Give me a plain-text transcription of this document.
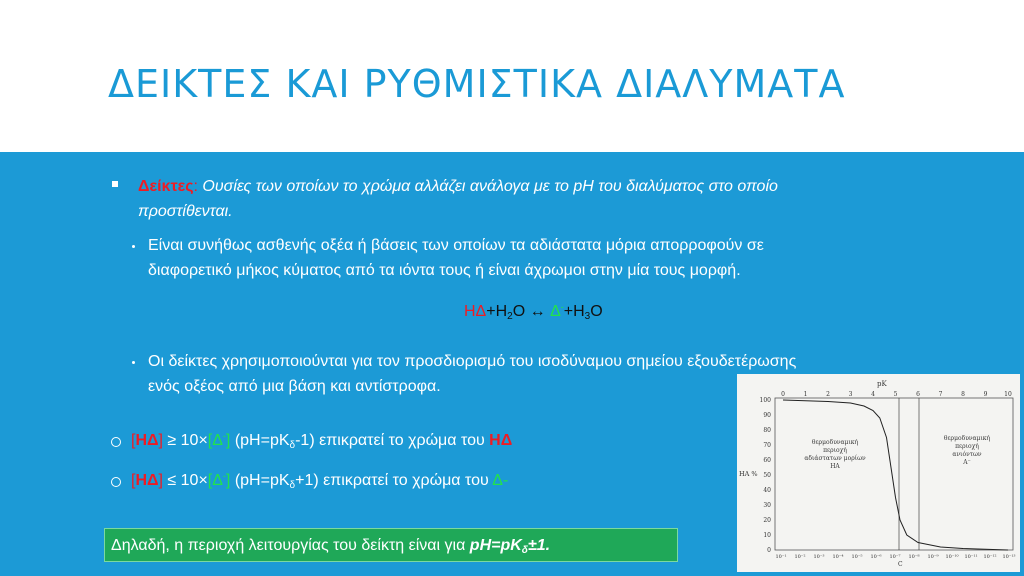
ΔΕΙΚΤΕΣ ΚΑΙ ΡΥΘΜΙΣΤΙΚΑ ΔΙΑΛΥΜΑΤΑ
Δείκτες: Ουσίες των οποίων το χρώμα αλλάζει ανάλογα με το pH του διαλύματος στο οποίο
προστίθενται.
Είναι συνήθως ασθενής οξέα ή βάσεις των οποίων τα αδιάστατα μόρια απορροφούν σε
διαφορετικό μήκος κύματος από τα ιόντα τους ή είναι άχρωμοι στην μία τους μορφή.
$H\Delta+H_2O$ ↔ $\Delta^-+H_3O$
Οι δείκτες χρησιμοποιούνται για τον προσδιορισμό του ισοδύναμου σημείου εξουδετέρωσης
ενός οξέος από μια βάση και αντίστροφα.
[ΗΔ] ≥ 10×[Δ-] $(pH=pK_\delta-1)$ επικρατεί το χρώμα του ΗΔ
[ΗΔ] ≤ 10×[Δ-] $(pH=pK_\delta+1)$ επικρατεί το χρώμα του Δ-
Δηλαδή, η περιοχή λειτουργίας του δείκτη είναι για $pH=pK_\delta\pm 1$.
0	1	2	3	4	5	6	7	8	9	10
100
90
80
70
60
50
40
30
20
10
0
10⁻¹ 10⁻² 10⁻³ 10⁻⁴ 10⁻⁵ 10⁻⁶ 10⁻⁷ 10⁻⁸ 10⁻⁹ 10⁻¹⁰ 10⁻¹¹ 10⁻¹² 10⁻¹³
pK
HA %
C
θερμοδυναμική
περιοχή
αδιάστατων μορίων
HA
θερμοδυναμική
περιοχή
ανιόντων
A⁻
